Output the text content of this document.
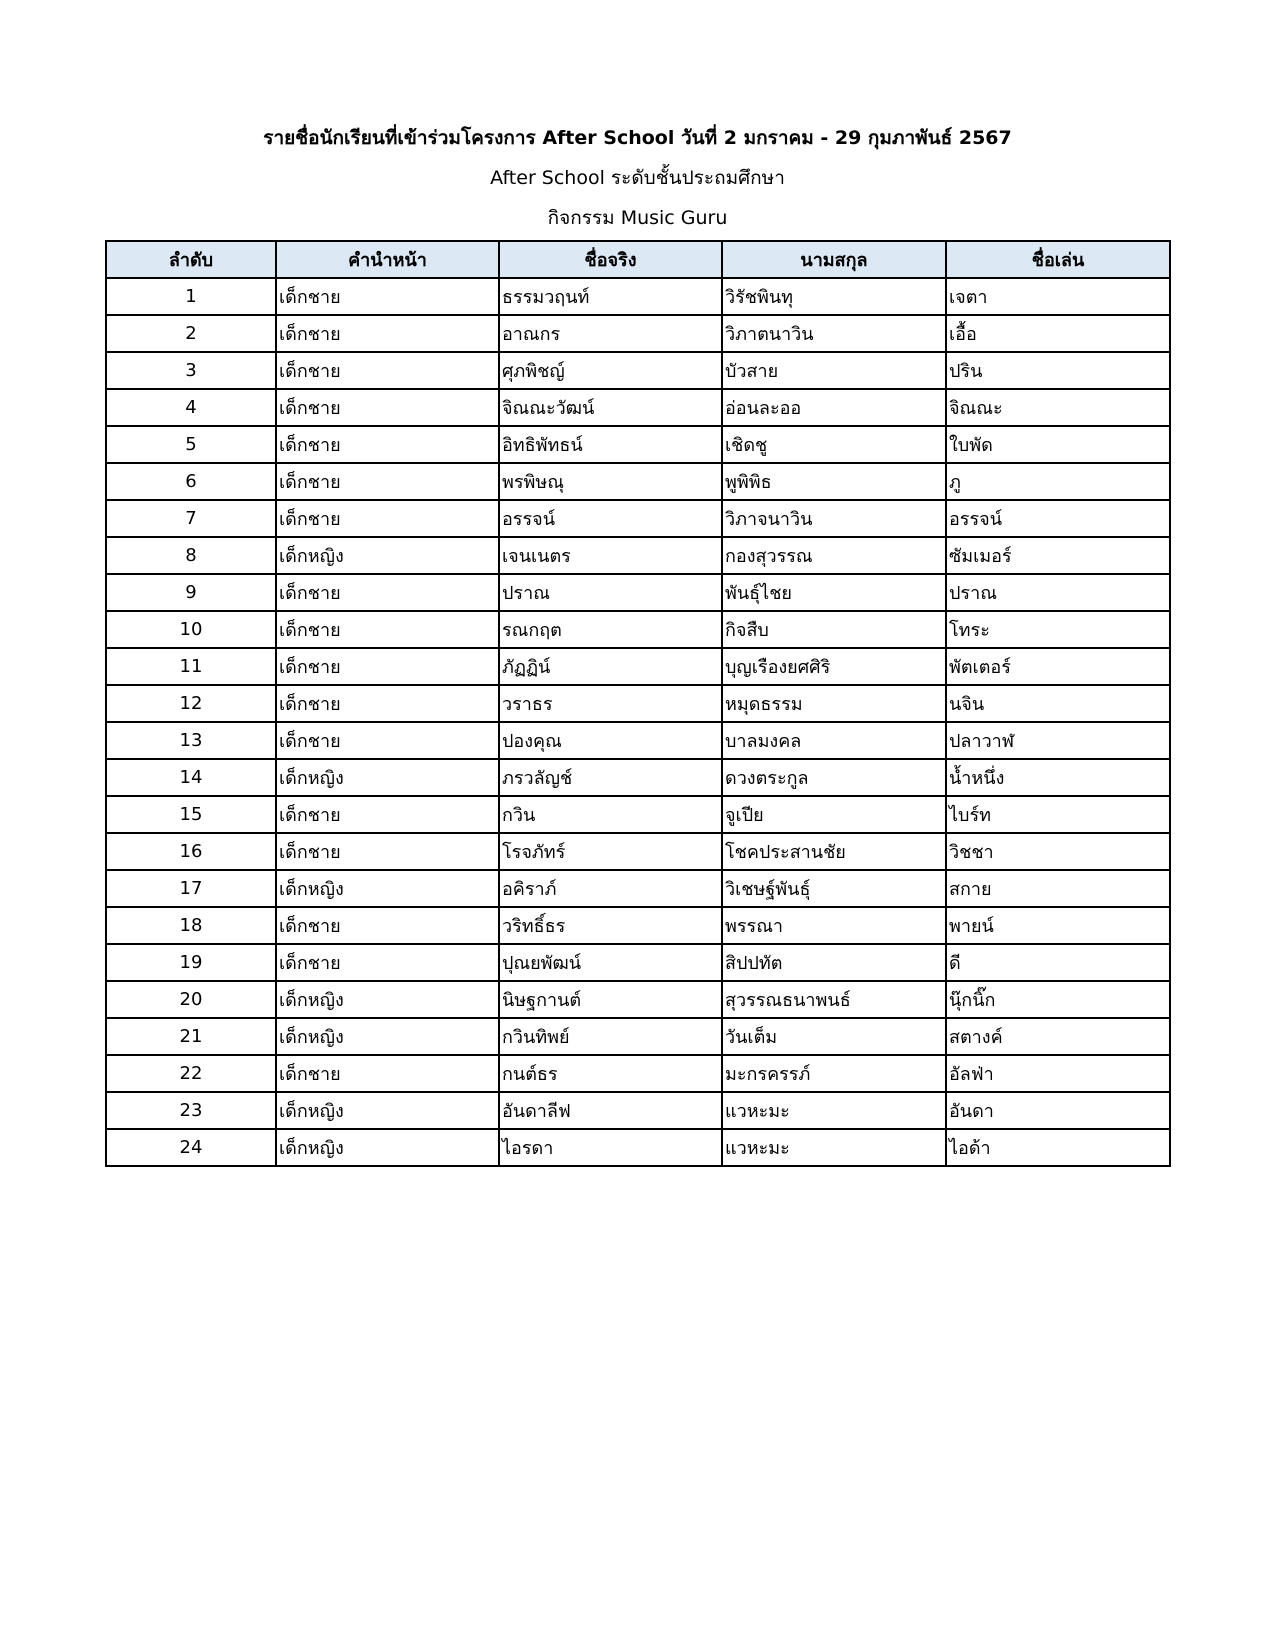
รายชื่อนักเรียนที่เข้าร่วมโครงการ After School วันที่ 2 มกราคม - 29 กุมภาพันธ์ 2567
After School ระดับชั้นประถมศึกษา
กิจกรรม Music Guru
ลำดับ	คำนำหน้า	ชื่อจริง	นามสกุล	ชื่อเล่น
1	เด็กชาย	ธรรมวฤนท์	วิรัชพินทุ	เจตา
2	เด็กชาย	อาณกร	วิภาตนาวิน	เอื้อ
3	เด็กชาย	ศุภพิชญ์	บัวสาย	ปริน
4	เด็กชาย	จิณณะวัฒน์	อ่อนละออ	จิณณะ
5	เด็กชาย	อิทธิพัทธน์	เชิดชู	ใบพัด
6	เด็กชาย	พรพิษณุ	พูพิพิธ	ภู
7	เด็กชาย	อรรจน์	วิภาจนาวิน	อรรจน์
8	เด็กหญิง	เจนเนตร	กองสุวรรณ	ซัมเมอร์
9	เด็กชาย	ปราณ	พันธุ์ไชย	ปราณ
10	เด็กชาย	รณกฤต	กิจสืบ	โทระ
11	เด็กชาย	ภัฏฏิน์	บุญเรืองยศศิริ	พัตเตอร์
12	เด็กชาย	วราธร	หมุดธรรม	นจิน
13	เด็กชาย	ปองคุณ	บาลมงคล	ปลาวาฬ
14	เด็กหญิง	ภรวลัญช์	ดวงตระกูล	น้ำหนึ่ง
15	เด็กชาย	กวิน	จูเปีย	ไบร์ท
16	เด็กชาย	โรจภัทร์	โชคประสานชัย	วิชชา
17	เด็กหญิง	อคิราภ์	วิเชษฐ์พันธุ์	สกาย
18	เด็กชาย	วริทธิ์ธร	พรรณา	พายน์
19	เด็กชาย	ปุณยพัฒน์	สิปปทัต	ดี
20	เด็กหญิง	นิษฐกานต์	สุวรรณธนาพนธ์	นุ๊กนิ๊ก
21	เด็กหญิง	กวินทิพย์	วันเต็ม	สตางค์
22	เด็กชาย	กนต์ธร	มะกรครรภ์	อัลฟ่า
23	เด็กหญิง	อันดาลีฟ	แวหะมะ	อันดา
24	เด็กหญิง	ไอรดา	แวหะมะ	ไอด้า
